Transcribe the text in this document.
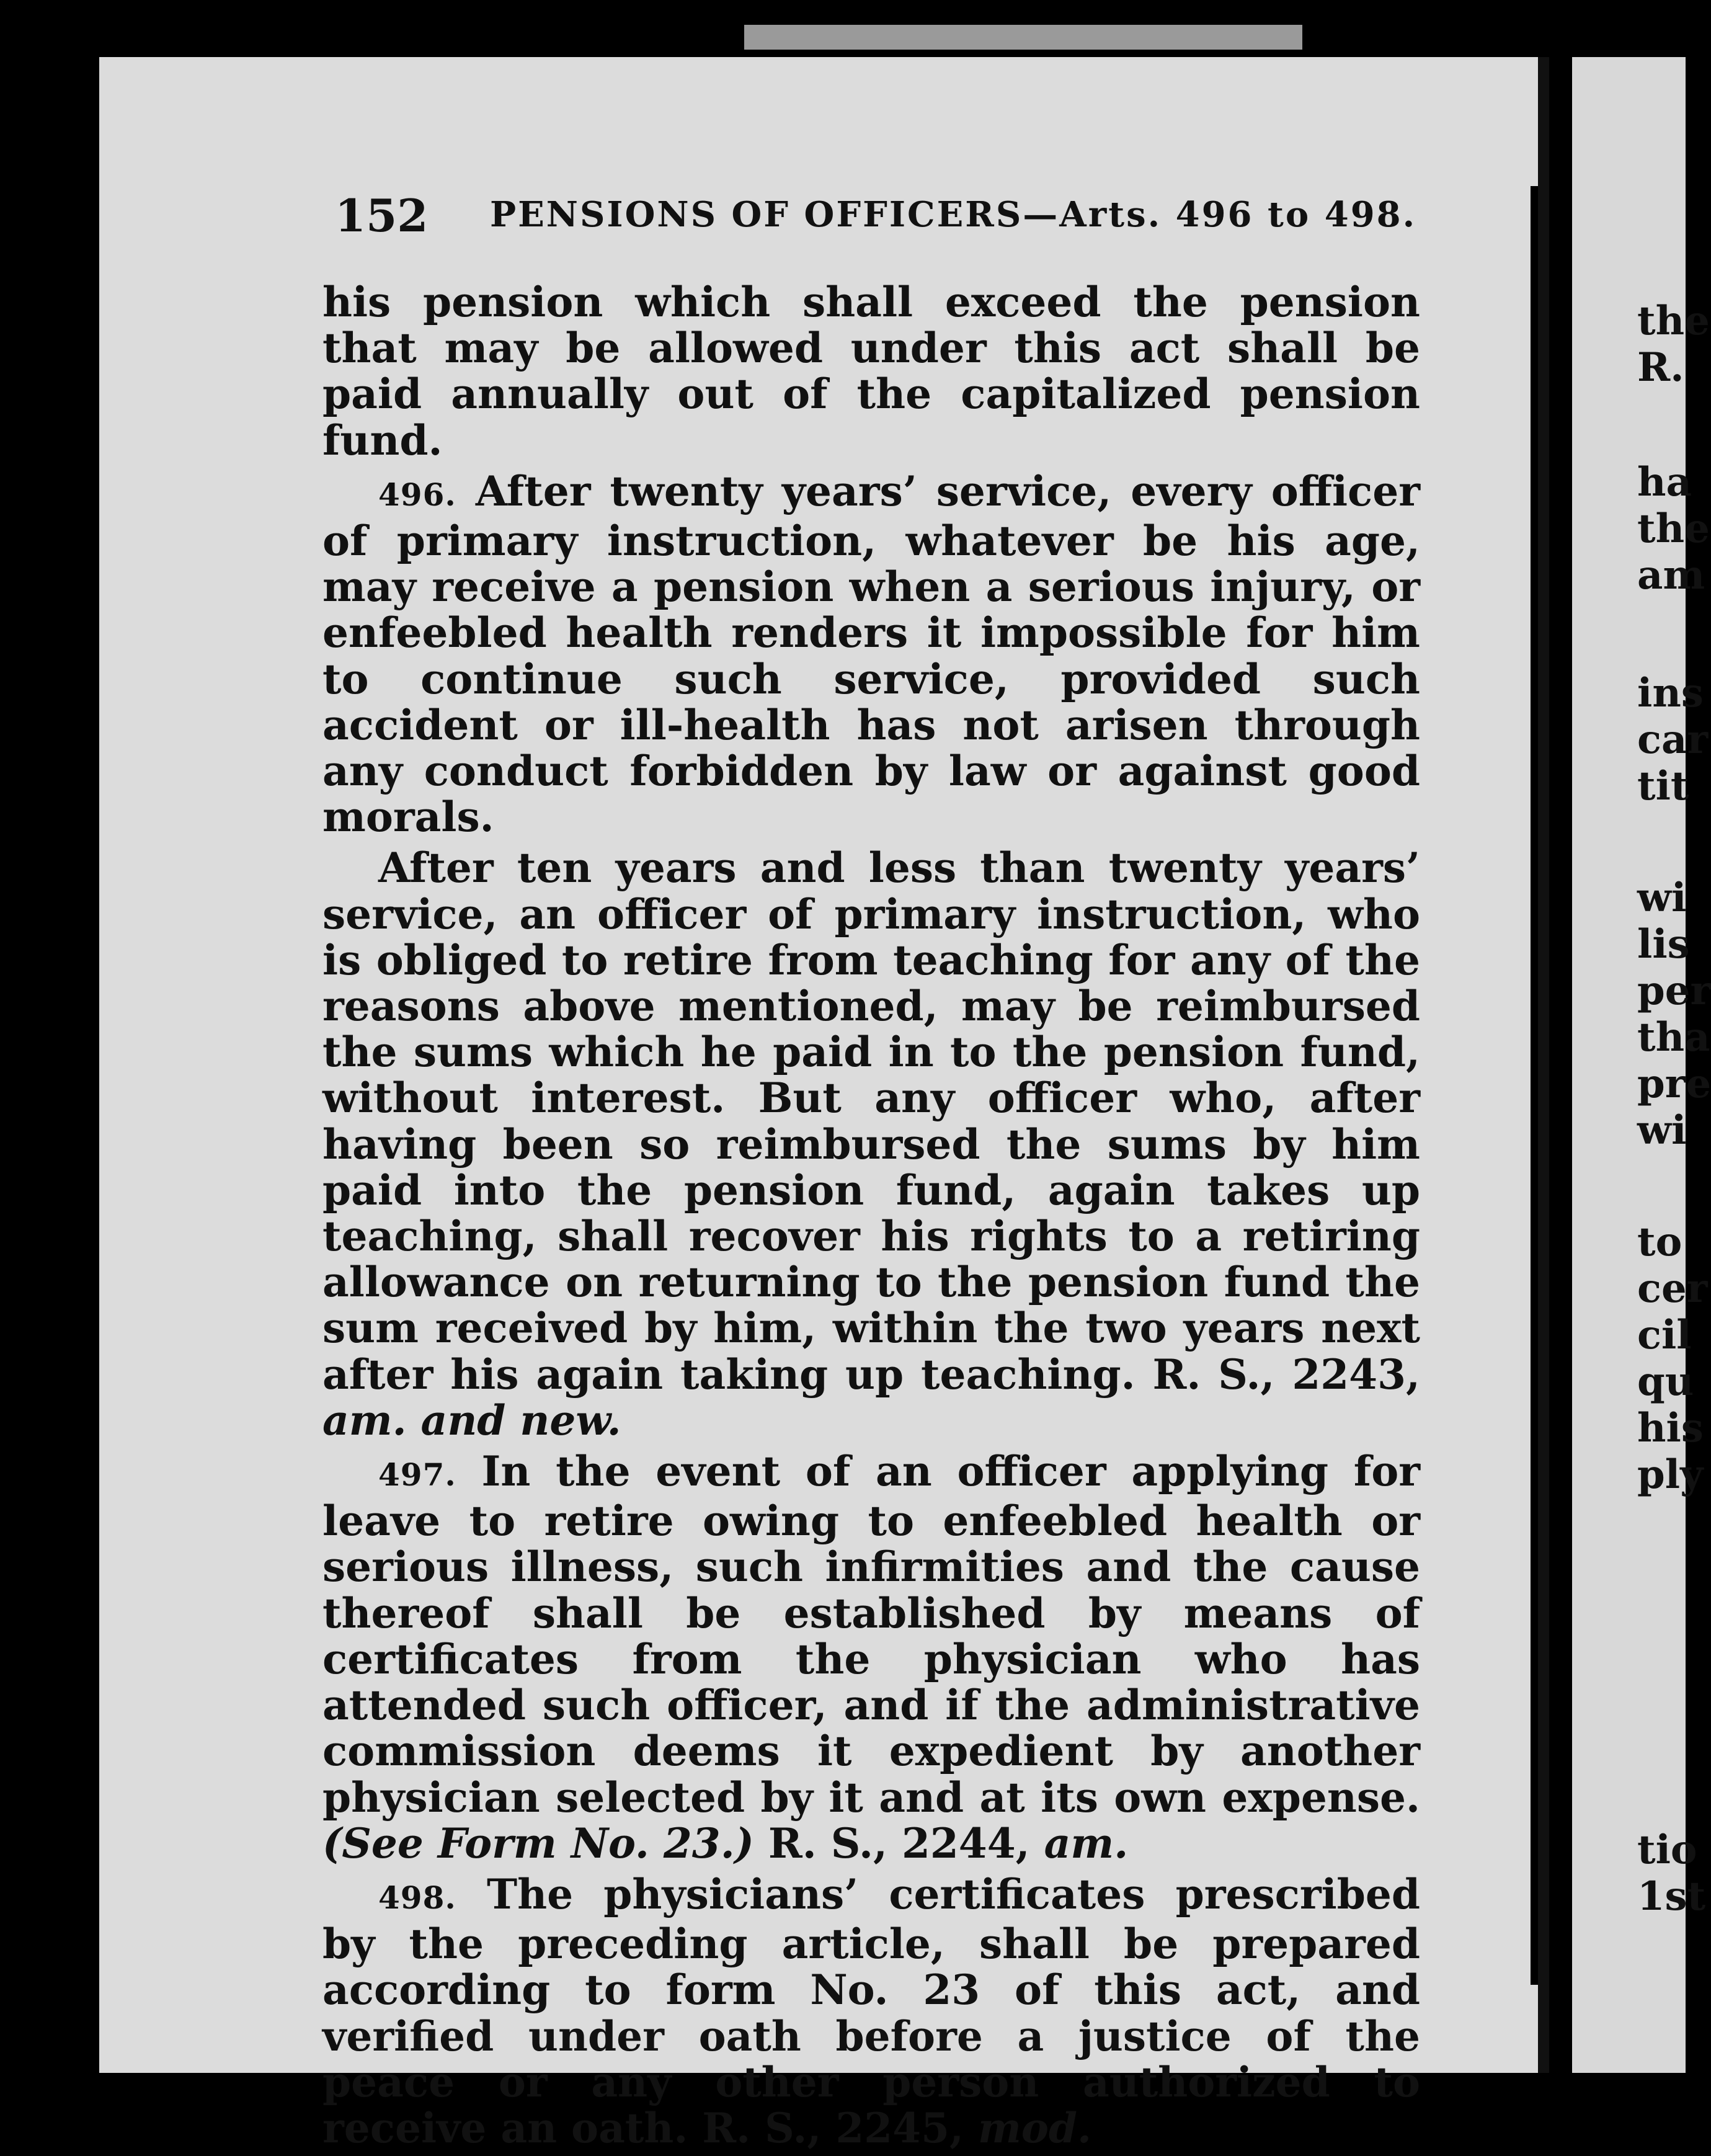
the
R.
ha
the
am
ins
car
tit
wi
lis
per
tha
pre
wi
to
cer
cil
qu
his
ply
tio
1st
152 PENSIONS OF OFFICERS—Arts. 496 to 498.

his pension which shall exceed the pension that may be allowed under this act shall be paid annually out of the capitalized pension fund.

496. After twenty years’ service, every officer of primary instruction, whatever be his age, may receive a pension when a serious injury, or enfeebled health renders it impossible for him to continue such service, provided such accident or ill-health has not arisen through any conduct forbidden by law or against good morals.

After ten years and less than twenty years’ service, an officer of primary instruction, who is obliged to retire from teaching for any of the reasons above mentioned, may be reimbursed the sums which he paid in to the pension fund, without interest. But any officer who, after having been so reimbursed the sums by him paid into the pension fund, again takes up teaching, shall recover his rights to a retiring allowance on returning to the pension fund the sum received by him, within the two years next after his again taking up teaching. R. S., 2243, am. and new.

497. In the event of an officer applying for leave to retire owing to enfeebled health or serious illness, such infirmities and the cause thereof shall be established by means of certificates from the physician who has attended such officer, and if the administrative commission deems it expedient by another physician selected by it and at its own expense. (See Form No. 23.) R. S., 2244, am.

498. The physicians’ certificates prescribed by the preceding article, shall be prepared according to form No. 23 of this act, and verified under oath before a justice of the peace or any other person authorized to receive an oath. R. S., 2245, mod.
